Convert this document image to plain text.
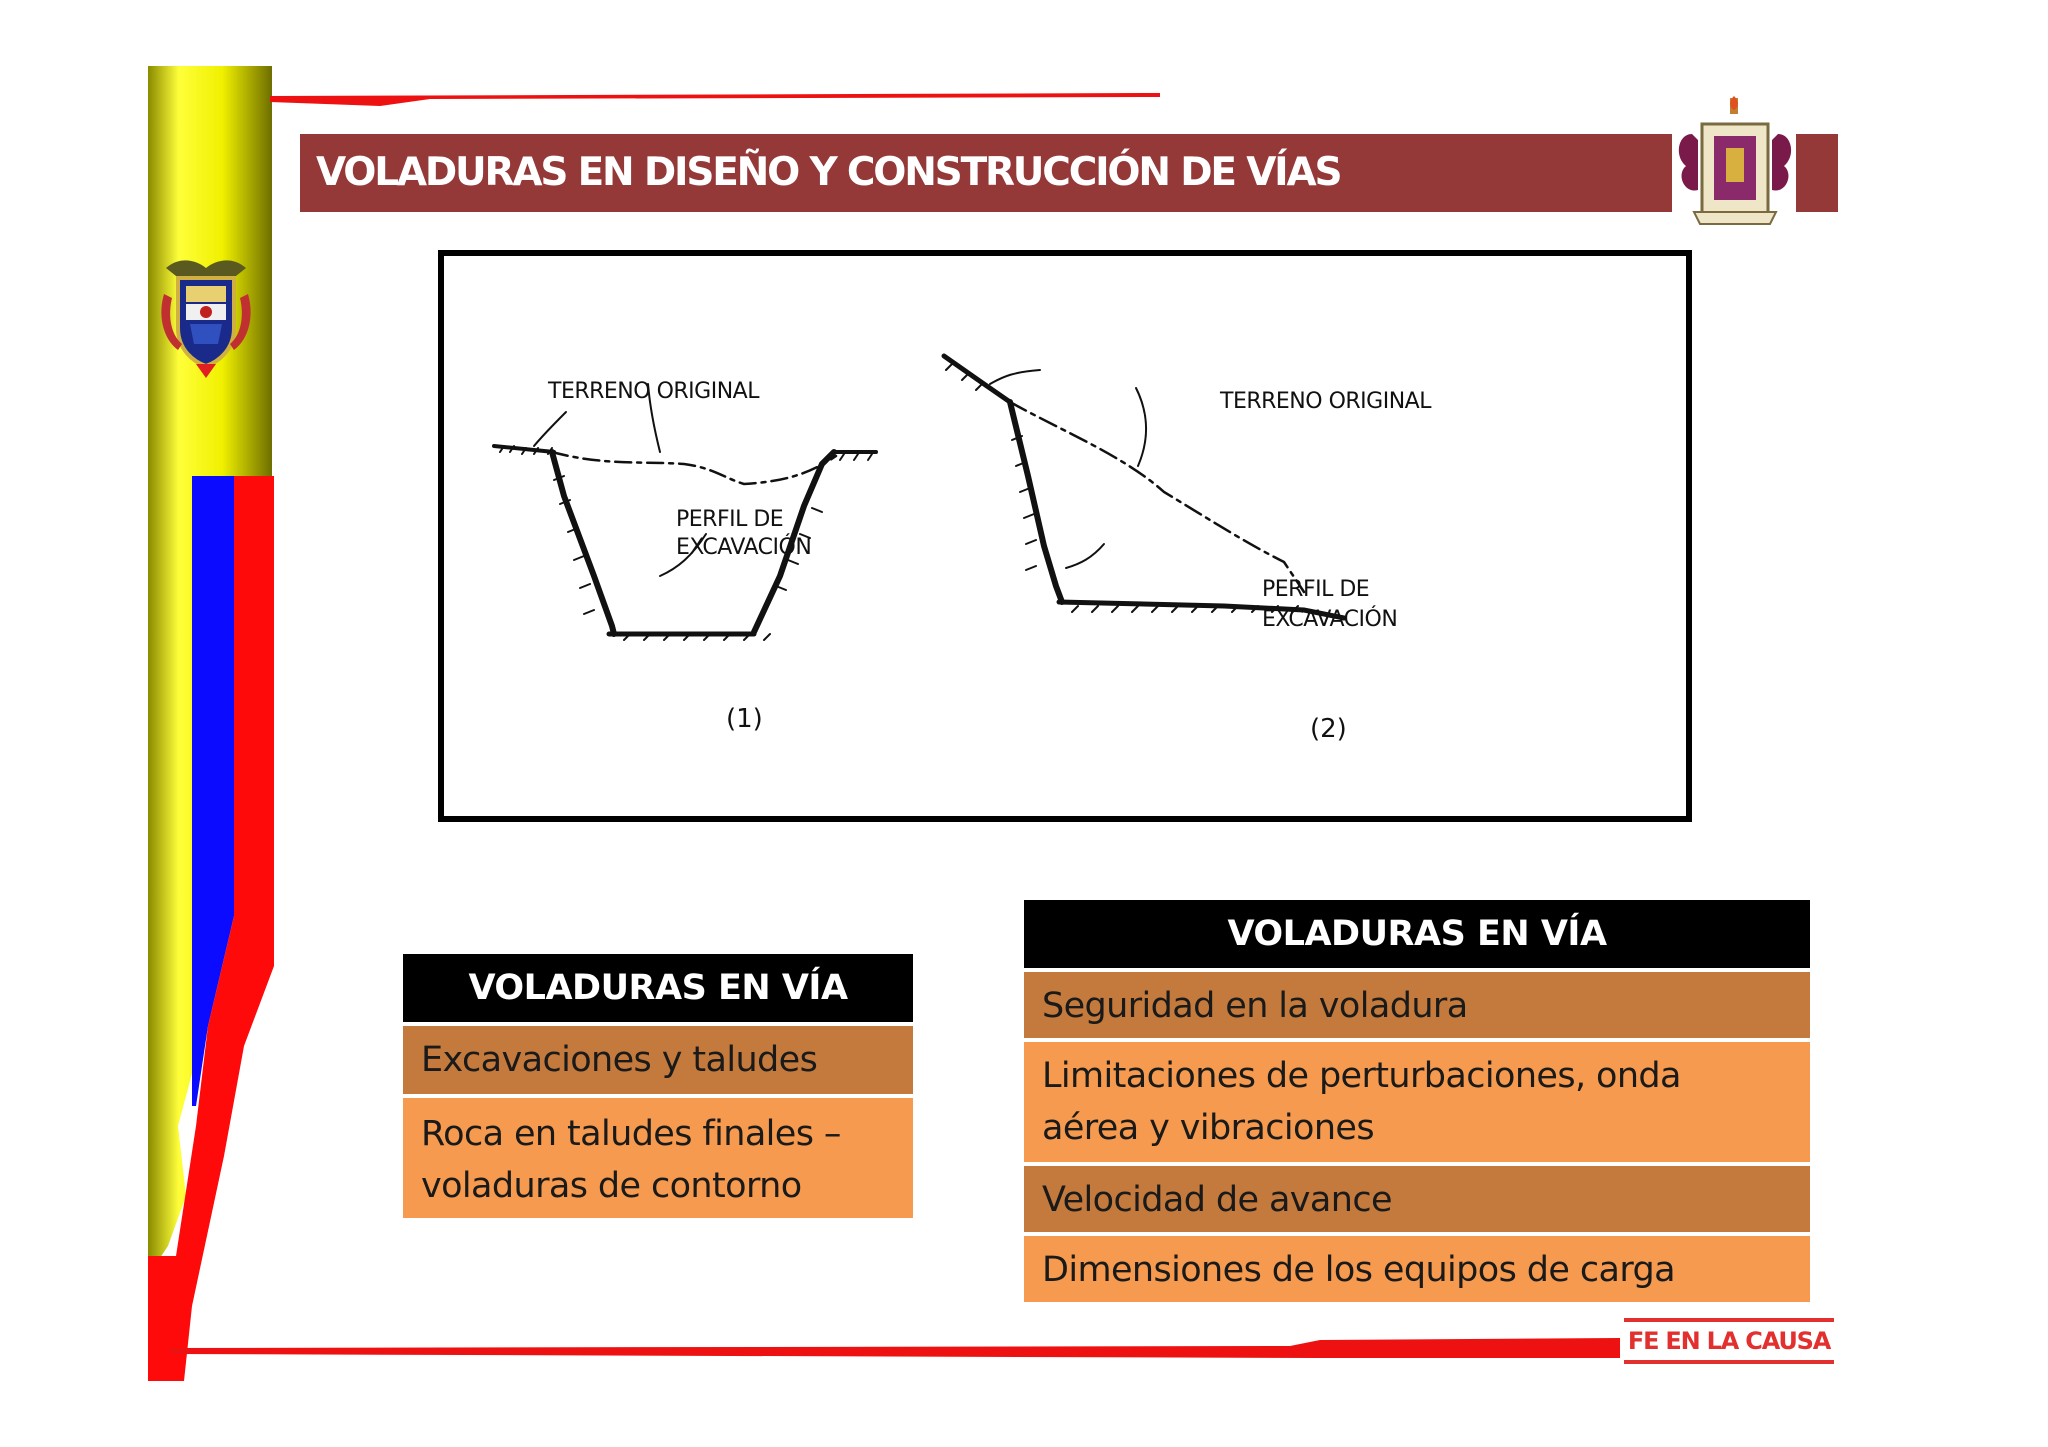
VOLADURAS EN DISEÑO Y CONSTRUCCIÓN DE VÍAS
TERRENO ORIGINAL
PERFIL DE
EXCAVACIÓN
(1)
TERRENO ORIGINAL
PERFIL DE
EXCAVACIÓN
(2)
VOLADURAS EN VÍA
Excavaciones y taludes
Roca en taludes finales –
voladuras de contorno
VOLADURAS EN VÍA
Seguridad en la voladura
Limitaciones de perturbaciones, onda
aérea y vibraciones
Velocidad de avance
Dimensiones de los equipos de carga
FE EN LA CAUSA
